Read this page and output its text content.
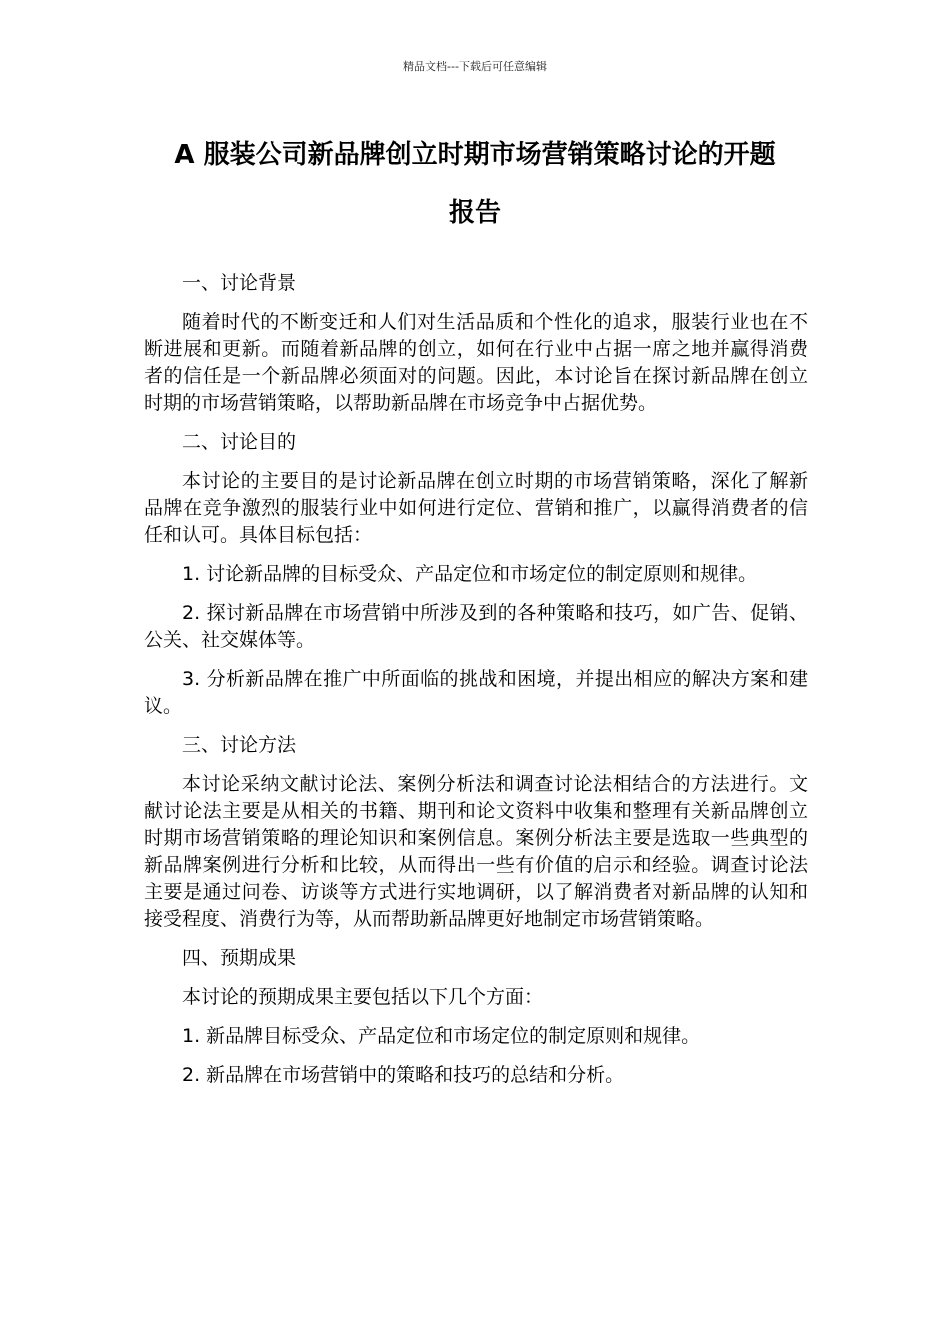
精品文档---下载后可任意编辑
A 服装公司新品牌创立时期市场营销策略讨论的开题
报告

一、讨论背景

随着时代的不断变迁和人们对生活品质和个性化的追求，服装行业也在不断进展和更新。而随着新品牌的创立，如何在行业中占据一席之地并赢得消费者的信任是一个新品牌必须面对的问题。因此，本讨论旨在探讨新品牌在创立时期的市场营销策略，以帮助新品牌在市场竞争中占据优势。

二、讨论目的

本讨论的主要目的是讨论新品牌在创立时期的市场营销策略，深化了解新品牌在竞争激烈的服装行业中如何进行定位、营销和推广，以赢得消费者的信任和认可。具体目标包括：

1. 讨论新品牌的目标受众、产品定位和市场定位的制定原则和规律。

2. 探讨新品牌在市场营销中所涉及到的各种策略和技巧，如广告、促销、公关、社交媒体等。

3. 分析新品牌在推广中所面临的挑战和困境，并提出相应的解决方案和建议。

三、讨论方法

本讨论采纳文献讨论法、案例分析法和调查讨论法相结合的方法进行。文献讨论法主要是从相关的书籍、期刊和论文资料中收集和整理有关新品牌创立时期市场营销策略的理论知识和案例信息。案例分析法主要是选取一些典型的新品牌案例进行分析和比较，从而得出一些有价值的启示和经验。调查讨论法主要是通过问卷、访谈等方式进行实地调研，以了解消费者对新品牌的认知和接受程度、消费行为等，从而帮助新品牌更好地制定市场营销策略。

四、预期成果

本讨论的预期成果主要包括以下几个方面：

1. 新品牌目标受众、产品定位和市场定位的制定原则和规律。

2. 新品牌在市场营销中的策略和技巧的总结和分析。
